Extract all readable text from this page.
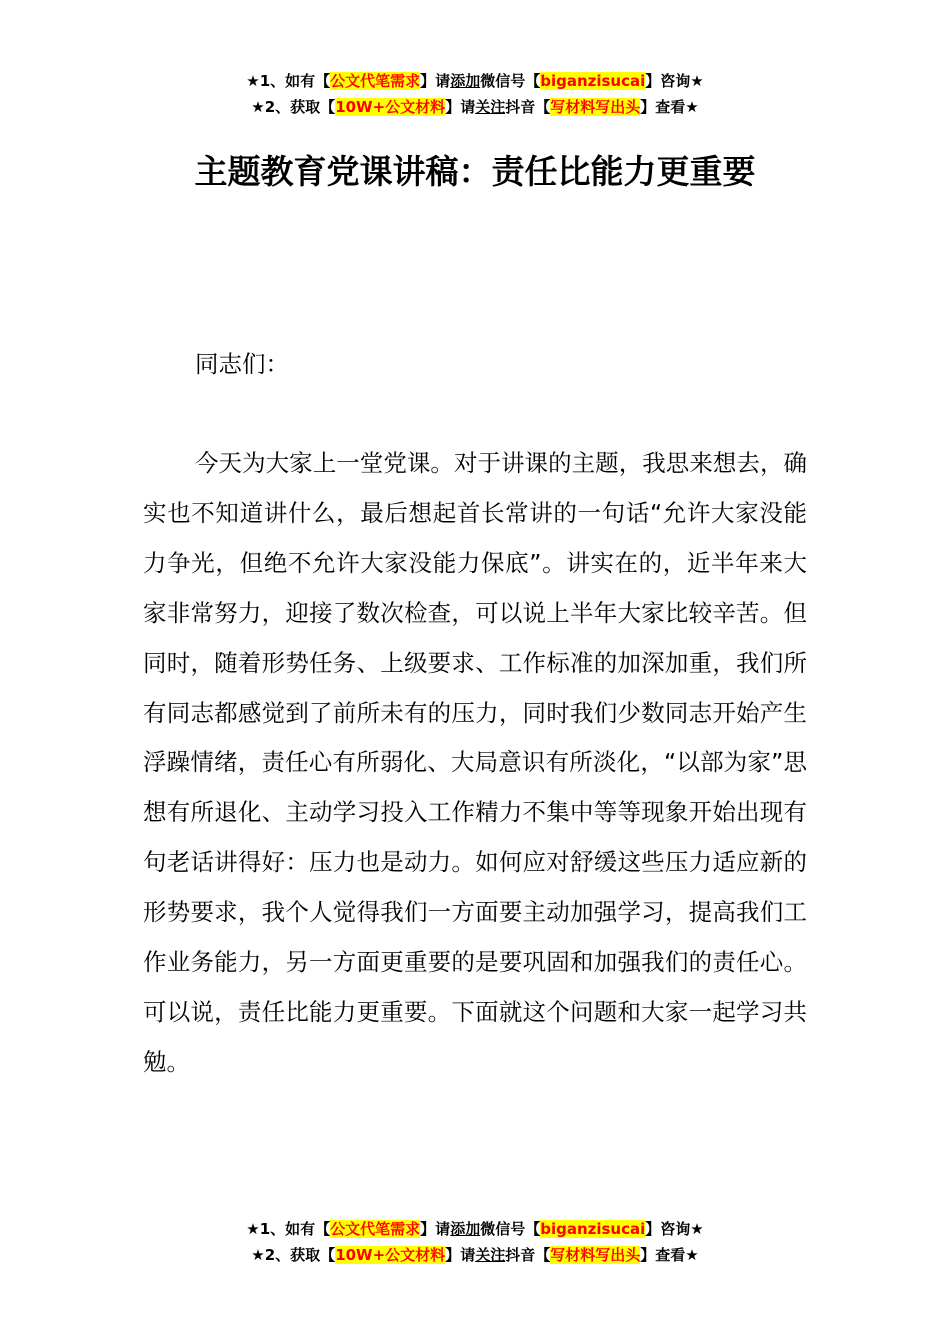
★1、如有【公文代笔需求】请添加微信号【biganzisucai】咨询★
★2、获取【10W+公文材料】请关注抖音【写材料写出头】查看★
主题教育党课讲稿：责任比能力更重要
同志们：
今天为大家上一堂党课。对于讲课的主题，我思来想去，确实也不知道讲什么，最后想起首长常讲的一句话“允许大家没能力争光，但绝不允许大家没能力保底”。讲实在的，近半年来大家非常努力，迎接了数次检查，可以说上半年大家比较辛苦。但同时，随着形势任务、上级要求、工作标准的加深加重，我们所有同志都感觉到了前所未有的压力，同时我们少数同志开始产生浮躁情绪，责任心有所弱化、大局意识有所淡化，“以部为家”思想有所退化、主动学习投入工作精力不集中等等现象开始出现有句老话讲得好：压力也是动力。如何应对舒缓这些压力适应新的形势要求，我个人觉得我们一方面要主动加强学习，提高我们工作业务能力，另一方面更重要的是要巩固和加强我们的责任心。可以说，责任比能力更重要。下面就这个问题和大家一起学习共勉。
★1、如有【公文代笔需求】请添加微信号【biganzisucai】咨询★
★2、获取【10W+公文材料】请关注抖音【写材料写出头】查看★
